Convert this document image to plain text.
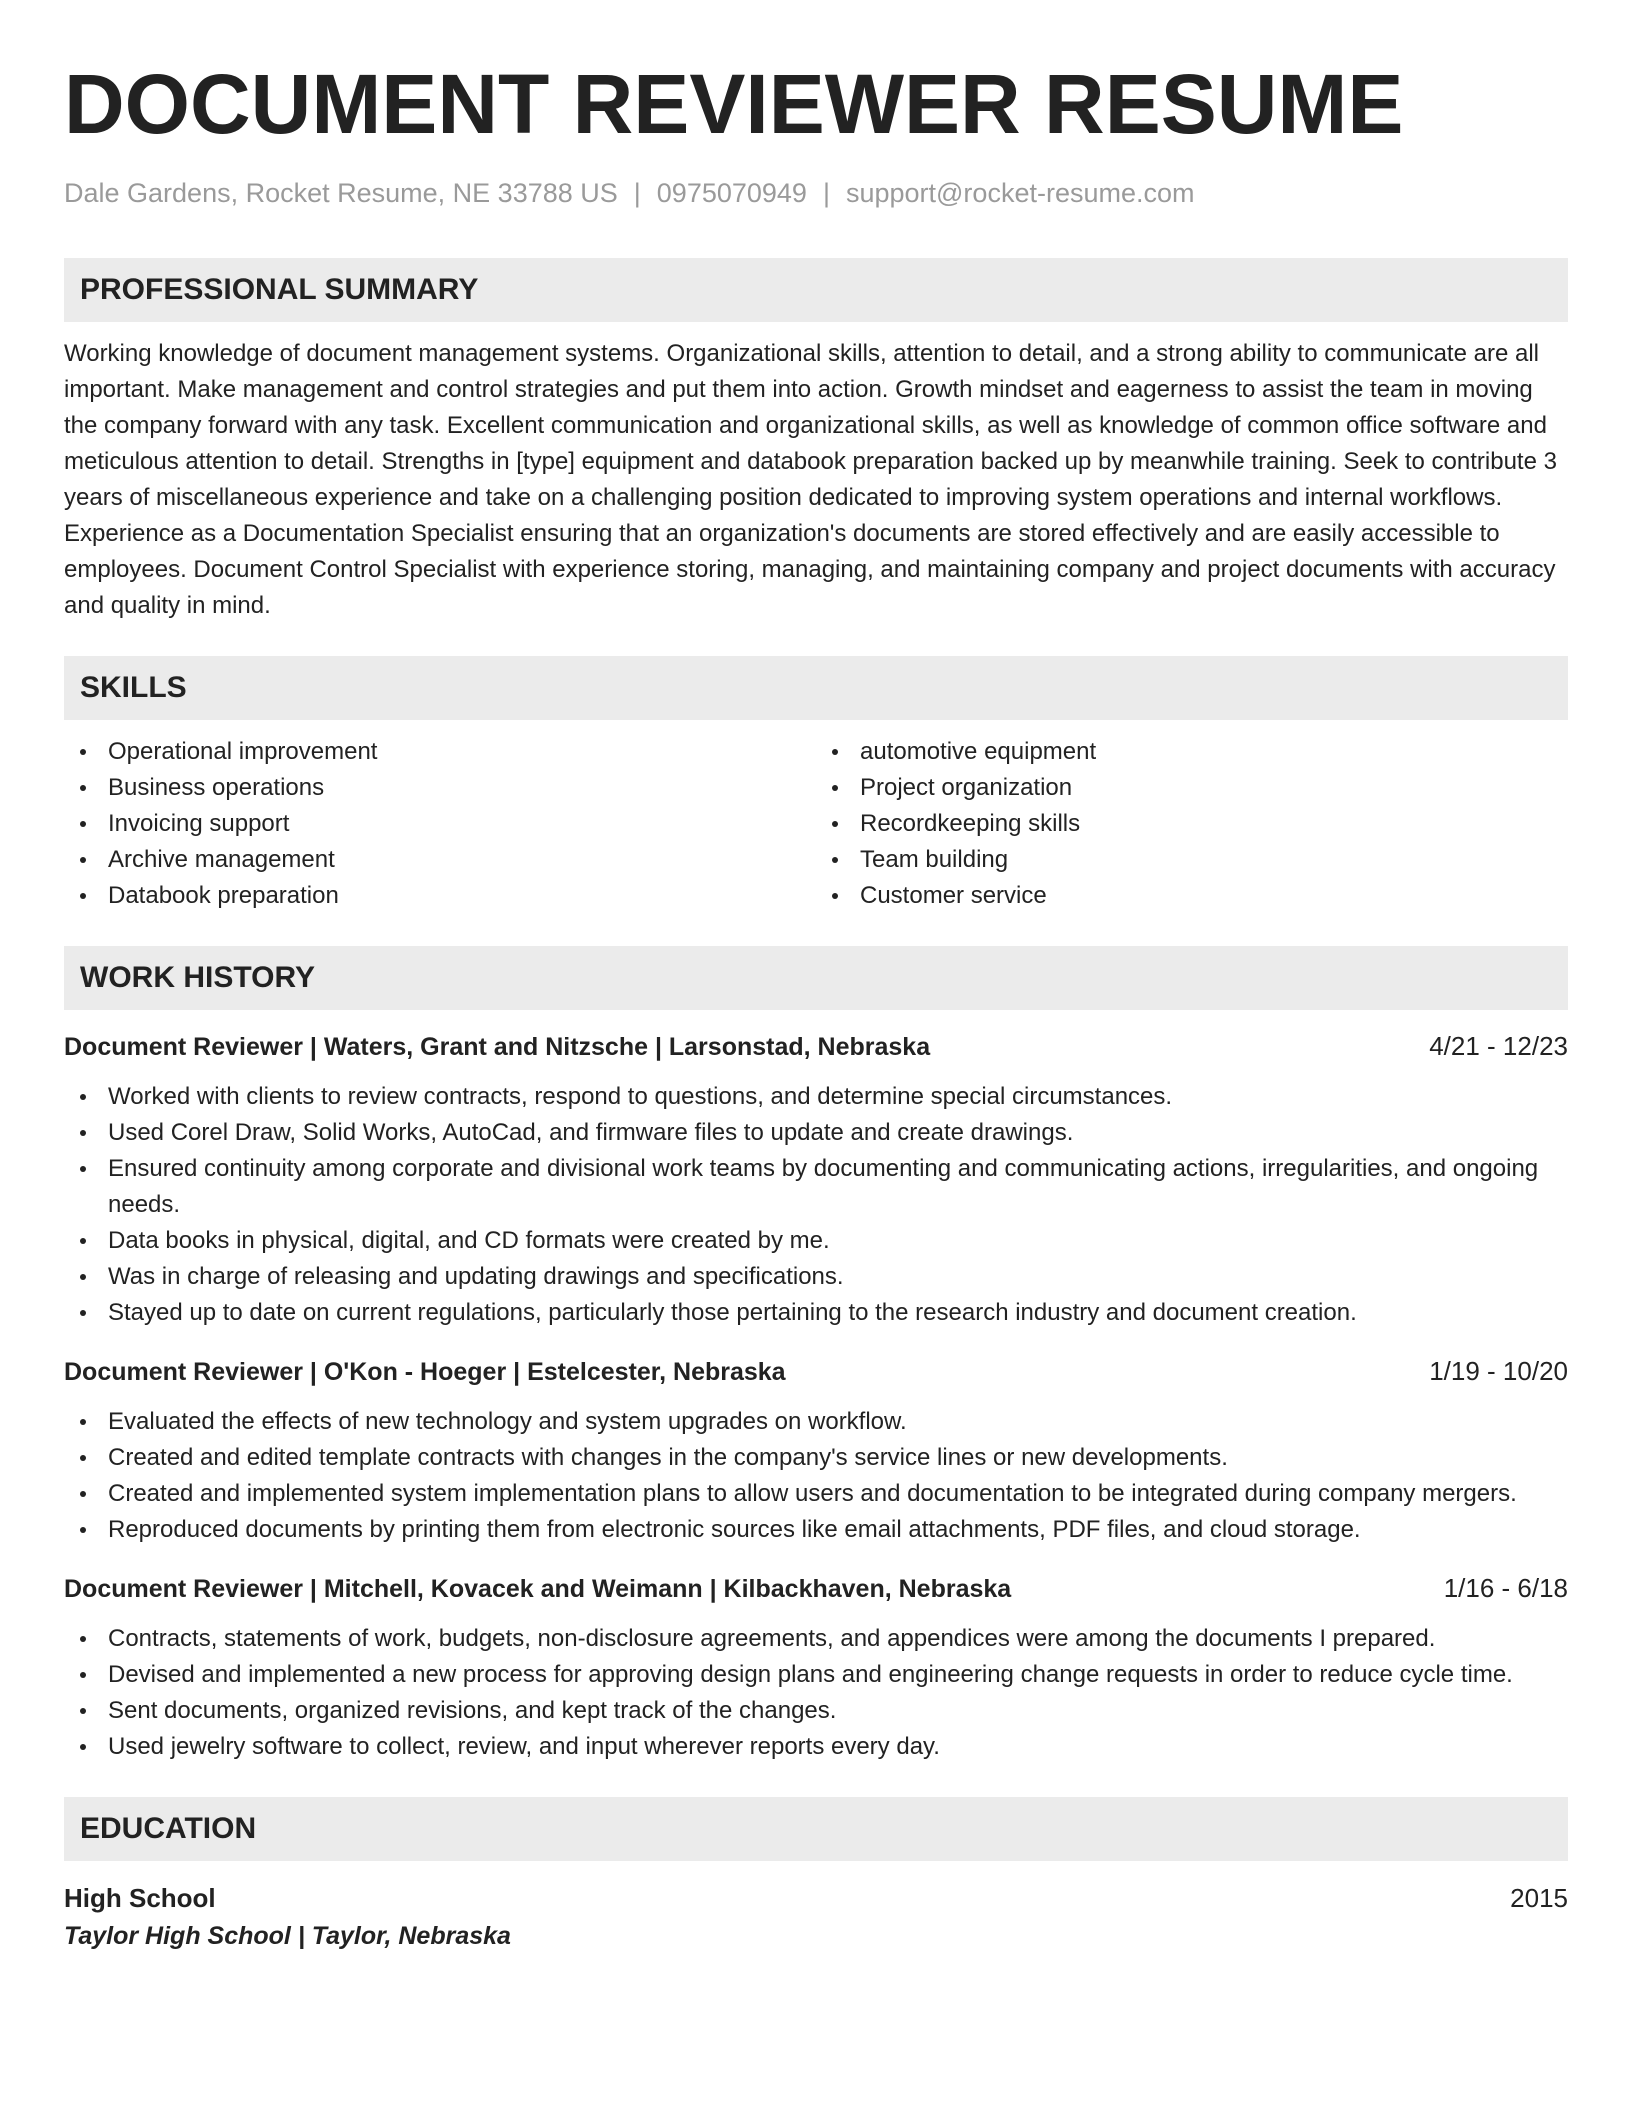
DOCUMENT REVIEWER RESUME
Dale Gardens, Rocket Resume, NE 33788 US | 0975070949 | support@rocket-resume.com
PROFESSIONAL SUMMARY
Working knowledge of document management systems. Organizational skills, attention to detail, and a strong ability to communicate are all important. Make management and control strategies and put them into action. Growth mindset and eagerness to assist the team in moving the company forward with any task. Excellent communication and organizational skills, as well as knowledge of common office software and meticulous attention to detail. Strengths in [type] equipment and databook preparation backed up by meanwhile training. Seek to contribute 3 years of miscellaneous experience and take on a challenging position dedicated to improving system operations and internal workflows. Experience as a Documentation Specialist ensuring that an organization's documents are stored effectively and are easily accessible to employees. Document Control Specialist with experience storing, managing, and maintaining company and project documents with accuracy and quality in mind.
SKILLS
Operational improvement
Business operations
Invoicing support
Archive management
Databook preparation
automotive equipment
Project organization
Recordkeeping skills
Team building
Customer service
WORK HISTORY
Document Reviewer | Waters, Grant and Nitzsche | Larsonstad, Nebraska	4/21 - 12/23
Worked with clients to review contracts, respond to questions, and determine special circumstances.
Used Corel Draw, Solid Works, AutoCad, and firmware files to update and create drawings.
Ensured continuity among corporate and divisional work teams by documenting and communicating actions, irregularities, and ongoing needs.
Data books in physical, digital, and CD formats were created by me.
Was in charge of releasing and updating drawings and specifications.
Stayed up to date on current regulations, particularly those pertaining to the research industry and document creation.
Document Reviewer | O'Kon - Hoeger | Estelcester, Nebraska	1/19 - 10/20
Evaluated the effects of new technology and system upgrades on workflow.
Created and edited template contracts with changes in the company's service lines or new developments.
Created and implemented system implementation plans to allow users and documentation to be integrated during company mergers.
Reproduced documents by printing them from electronic sources like email attachments, PDF files, and cloud storage.
Document Reviewer | Mitchell, Kovacek and Weimann | Kilbackhaven, Nebraska	1/16 - 6/18
Contracts, statements of work, budgets, non-disclosure agreements, and appendices were among the documents I prepared.
Devised and implemented a new process for approving design plans and engineering change requests in order to reduce cycle time.
Sent documents, organized revisions, and kept track of the changes.
Used jewelry software to collect, review, and input wherever reports every day.
EDUCATION
High School	2015
Taylor High School | Taylor, Nebraska
